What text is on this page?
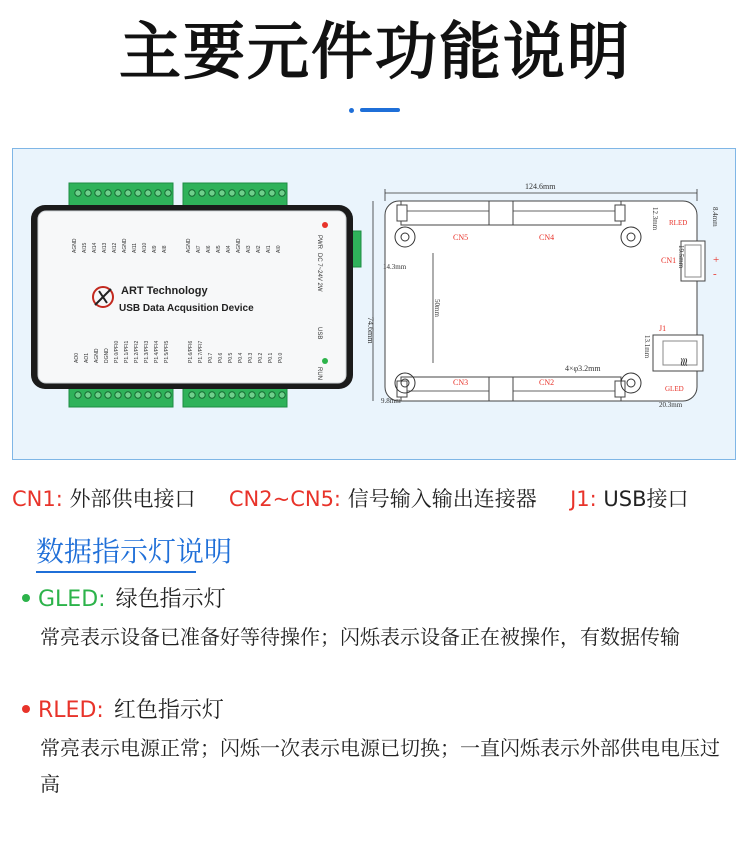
主要元件功能说明
ART Technology
USB Data Acqusition Device
PWR
DC 7~24V 2W
USB
RUN
AGND AI15 AI14 AI13 AI12 AGND AI11 AI10 AI9 AI8	AGND AI7 AI6 AI5 AI4 AGND AI3 AI2 AI1 AI0
AO0 AO1 AGND DGND P1.0/PFI0 P1.1/PFI1 P1.2/PFI2 P1.3/PFI3 P1.4/PFI4 P1.5/PFI5	P1.6/PFI6 P1.7/PFI7 P0.7 P0.6 P0.5 P0.4 P0.3 P0.2 P0.1 P0.0	≋
124.6mm
74.6mm
50mm
14.3mm
9.8mm	20.3mm
12.3mm
19.5mm
13.1mm
8.4mm
4×φ3.2mm
CN5	CN4
CN3	CN2
CN1
J1
RLED
+
-
GLED
CN1: 外部供电接口 CN2~CN5: 信号输入输出连接器 J1: USB接口
数据指示灯说明
GLED: 绿色指示灯
常亮表示设备已准备好等待操作；闪烁表示设备正在被操作，有数据传输
RLED: 红色指示灯
常亮表示电源正常；闪烁一次表示电源已切换；一直闪烁表示外部供电电压过高
